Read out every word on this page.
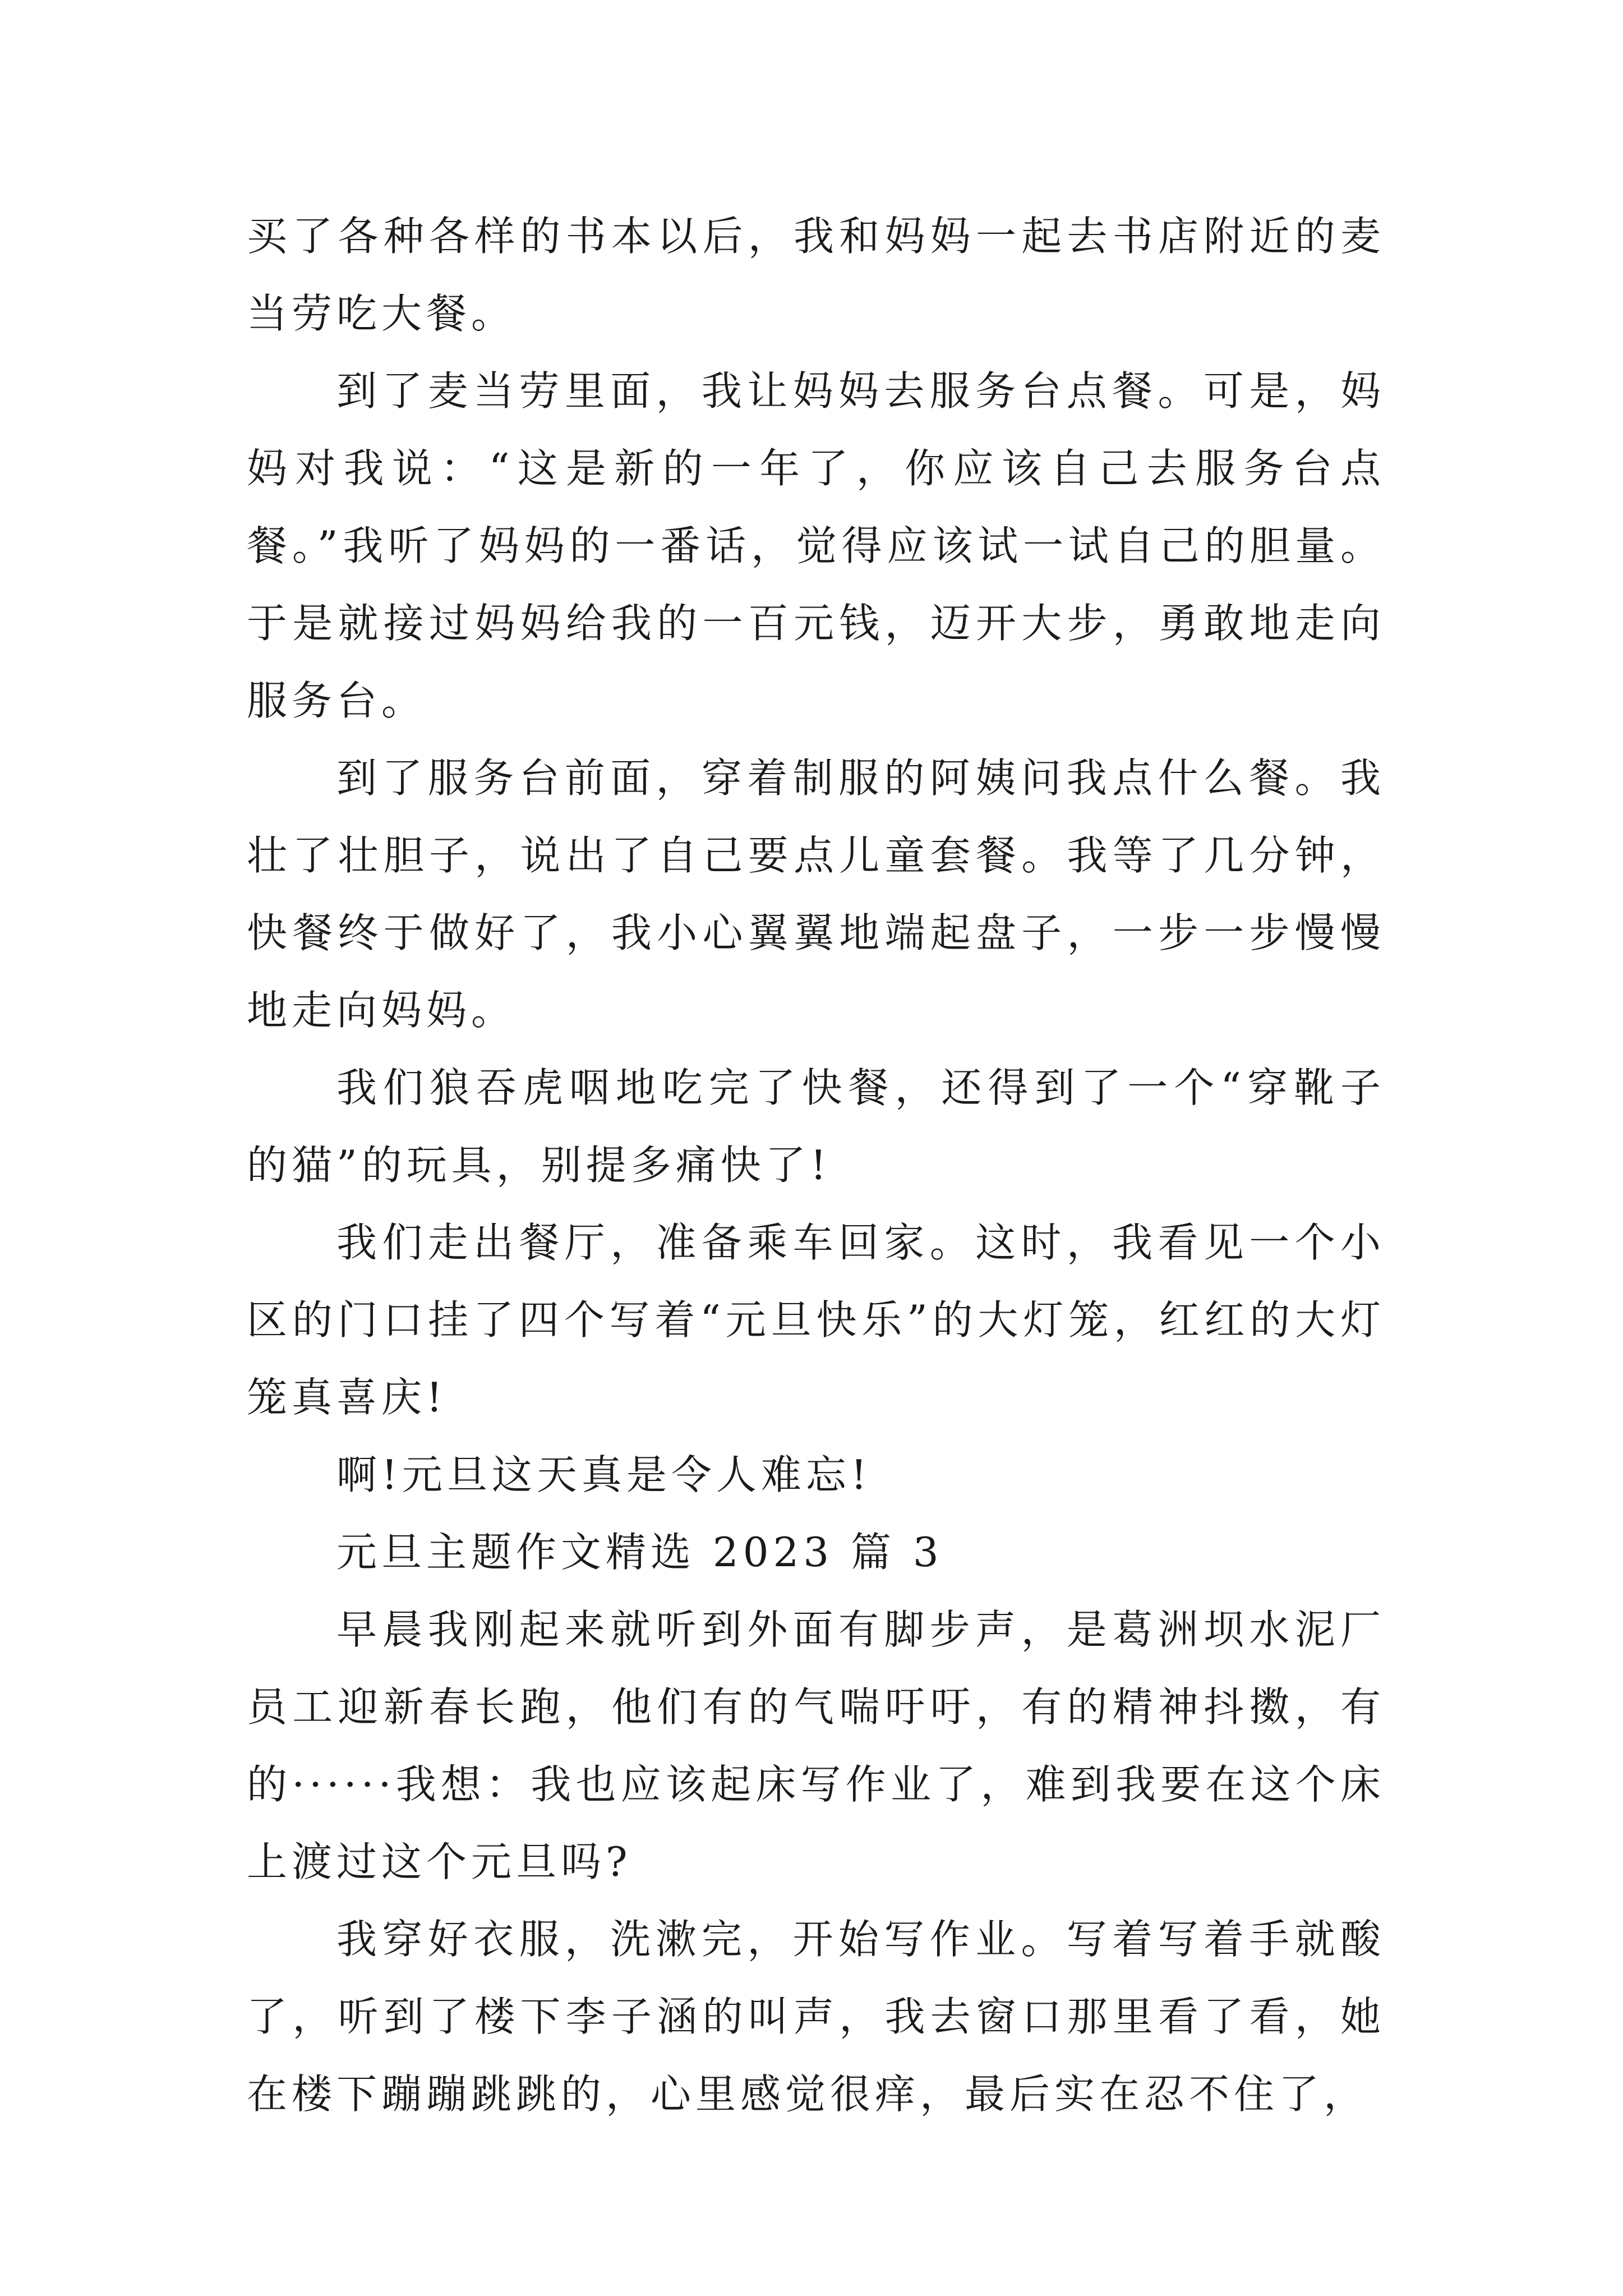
买了各种各样的书本以后，我和妈妈一起去书店附近的麦当劳吃大餐。

到了麦当劳里面，我让妈妈去服务台点餐。可是，妈妈对我说：“这是新的一年了，你应该自己去服务台点餐。”我听了妈妈的一番话，觉得应该试一试自己的胆量。于是就接过妈妈给我的一百元钱，迈开大步，勇敢地走向服务台。

到了服务台前面，穿着制服的阿姨问我点什么餐。我壮了壮胆子，说出了自己要点儿童套餐。我等了几分钟，快餐终于做好了，我小心翼翼地端起盘子，一步一步慢慢地走向妈妈。

我们狼吞虎咽地吃完了快餐，还得到了一个“穿靴子的猫”的玩具，别提多痛快了!

我们走出餐厅，准备乘车回家。这时，我看见一个小区的门口挂了四个写着“元旦快乐”的大灯笼，红红的大灯笼真喜庆!

啊!元旦这天真是令人难忘!

元旦主题作文精选 2023 篇 3

早晨我刚起来就听到外面有脚步声，是葛洲坝水泥厂员工迎新春长跑，他们有的气喘吁吁，有的精神抖擞，有的······我想：我也应该起床写作业了，难到我要在这个床上渡过这个元旦吗?

我穿好衣服，洗漱完，开始写作业。写着写着手就酸了，听到了楼下李子涵的叫声，我去窗口那里看了看，她在楼下蹦蹦跳跳的，心里感觉很痒，最后实在忍不住了，
